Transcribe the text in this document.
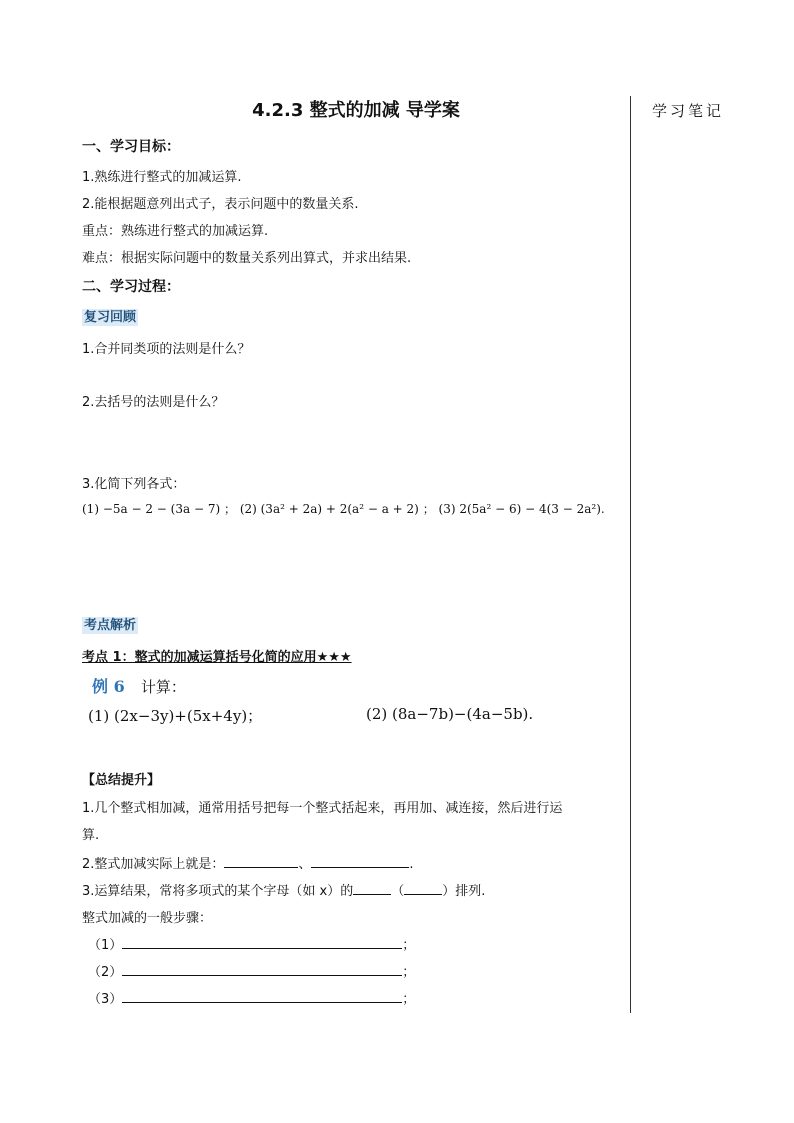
学习笔记
4.2.3 整式的加减 导学案
一、学习目标：
1.熟练进行整式的加减运算.
2.能根据题意列出式子，表示问题中的数量关系.
重点：熟练进行整式的加减运算.
难点：根据实际问题中的数量关系列出算式，并求出结果.
二、学习过程：
复习回顾
1.合并同类项的法则是什么？
2.去括号的法则是什么？
3.化简下列各式：
(1) −5a − 2 − (3a − 7) ； (2) (3a² + 2a) + 2(a² − a + 2) ； (3) 2(5a² − 6) − 4(3 − 2a²).
考点解析
考点 1：整式的加减运算括号化简的应用★★★
例 6 计算：
(1) (2x−3y)+(5x+4y)；	(2) (8a−7b)−(4a−5b).
【总结提升】
1.几个整式相加减，通常用括号把每一个整式括起来，再用加、减连接，然后进行运
算.
2.整式加减实际上就是：	、	.
3.运算结果，常将多项式的某个字母（如 x）的	（	）排列.
整式加减的一般步骤：
（1）	；
（2）	；
（3）	；
